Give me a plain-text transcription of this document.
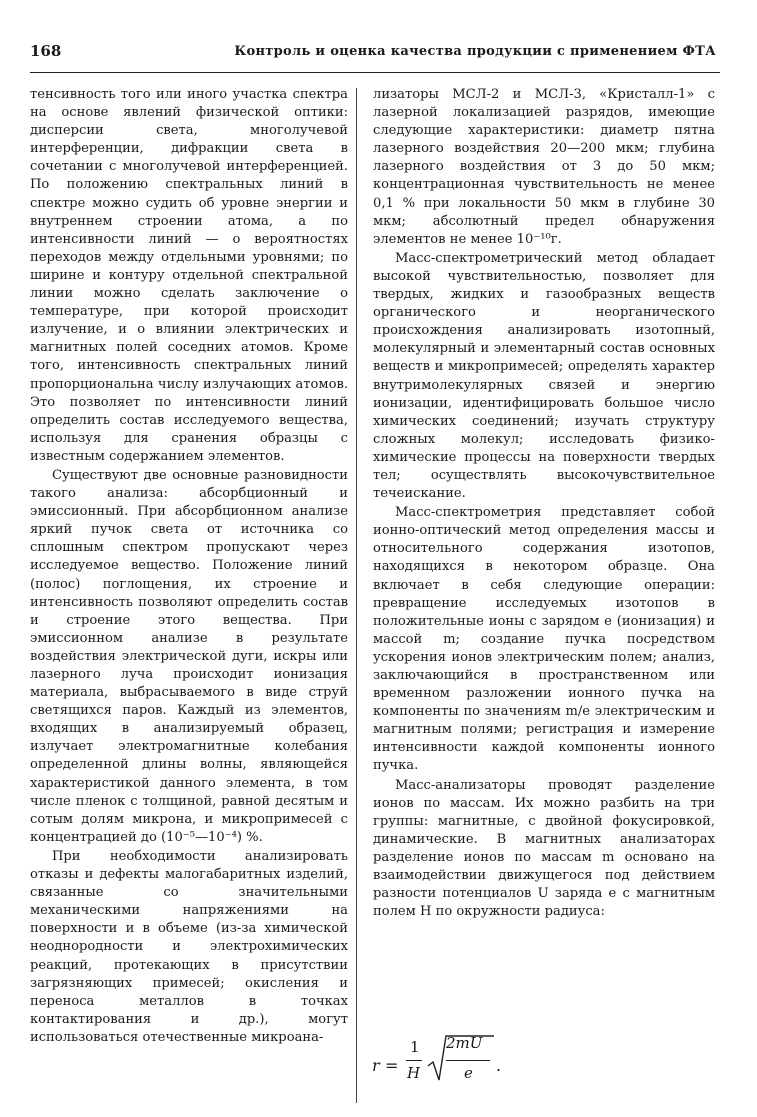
168	Контроль и оценка качества продукции с применением ФТА

тенсивность того или иного участка спектра на основе явлений физической оптики: дисперсии света, многолучевой интерференции, дифракции света в сочетании с многолучевой интерференцией. По положению спектральных линий в спектре можно судить об уровне энергии и внутреннем строении атома, а по интенсивности линий — о вероятностях переходов между отдельными уровнями; по ширине и контуру отдельной спектральной линии можно сделать заключение о температуре, при которой происходит излучение, и о влиянии электрических и магнитных полей соседних атомов. Кроме того, интенсивность спектральных линий пропорциональна числу излучающих атомов. Это позволяет по интенсивности линий определить состав исследуемого вещества, используя для сранения образцы с известным содержанием элементов.

Существуют две основные разновидности такого анализа: абсорбционный и эмиссионный. При абсорбционном анализе яркий пучок света от источника со сплошным спектром пропускают через исследуемое вещество. Положение линий (полос) поглощения, их строение и интенсивность позволяют определить состав и строение этого вещества. При эмиссионном анализе в результате воздействия электрической дуги, искры или лазерного луча происходит ионизация материала, выбрасываемого в виде струй светящихся паров. Каждый из элементов, входящих в анализируемый образец, излучает электромагнитные колебания определенной длины волны, являющейся характеристикой данного элемента, в том числе пленок с толщиной, равной десятым и сотым долям микрона, и микропримесей с концентрацией до (10⁻⁵—10⁻⁴) %.

При необходимости анализировать отказы и дефекты малогабаритных изделий, связанные со значительными механическими напряжениями на поверхности и в объеме (из-за химической неоднородности и электрохимических реакций, протекающих в присутствии загрязняющих примесей; окисления и переноса металлов в точках контактирования и др.), могут использоваться отечественные микроана-

лизаторы МСЛ-2 и МСЛ-3, «Кристалл-1» с лазерной локализацией разрядов, имеющие следующие характеристики: диаметр пятна лазерного воздействия 20—200 мкм; глубина лазерного воздействия от 3 до 50 мкм; концентрационная чувствительность не менее 0,1 % при локальности 50 мкм в глубине 30 мкм; абсолютный предел обнаружения элементов не менее 10⁻¹⁰г.

Масс-спектрометрический метод обладает высокой чувствительностью, позволяет для твердых, жидких и газообразных веществ органического и неорганического происхождения анализировать изотопный, молекулярный и элементарный состав основных веществ и микропримесей; определять характер внутримолекулярных связей и энергию ионизации, идентифицировать большое число химических соединений; изучать структуру сложных молекул; исследовать физико-химические процессы на поверхности твердых тел; осуществлять высокочувствительное течеискание.

Масс-спектрометрия представляет собой ионно-оптический метод определения массы и относительного содержания изотопов, находящихся в некотором образце. Она включает в себя следующие операции: превращение исследуемых изотопов в положительные ионы с зарядом e (ионизация) и массой m; создание пучка посредством ускорения ионов электрическим полем; анализ, заключающийся в пространственном или временном разложении ионного пучка на компоненты по значениям m/e электрическим и магнитным полями; регистрация и измерение интенсивности каждой компоненты ионного пучка.

Масс-анализаторы проводят разделение ионов по массам. Их можно разбить на три группы: магнитные, с двойной фокусировкой, динамические. В магнитных анализаторах разделение ионов по массам m основано на взаимодействии движущегося под действием разности потенциалов U заряда e с магнитным полем H по окружности радиуса:

r =
1
H
2mU
e .
